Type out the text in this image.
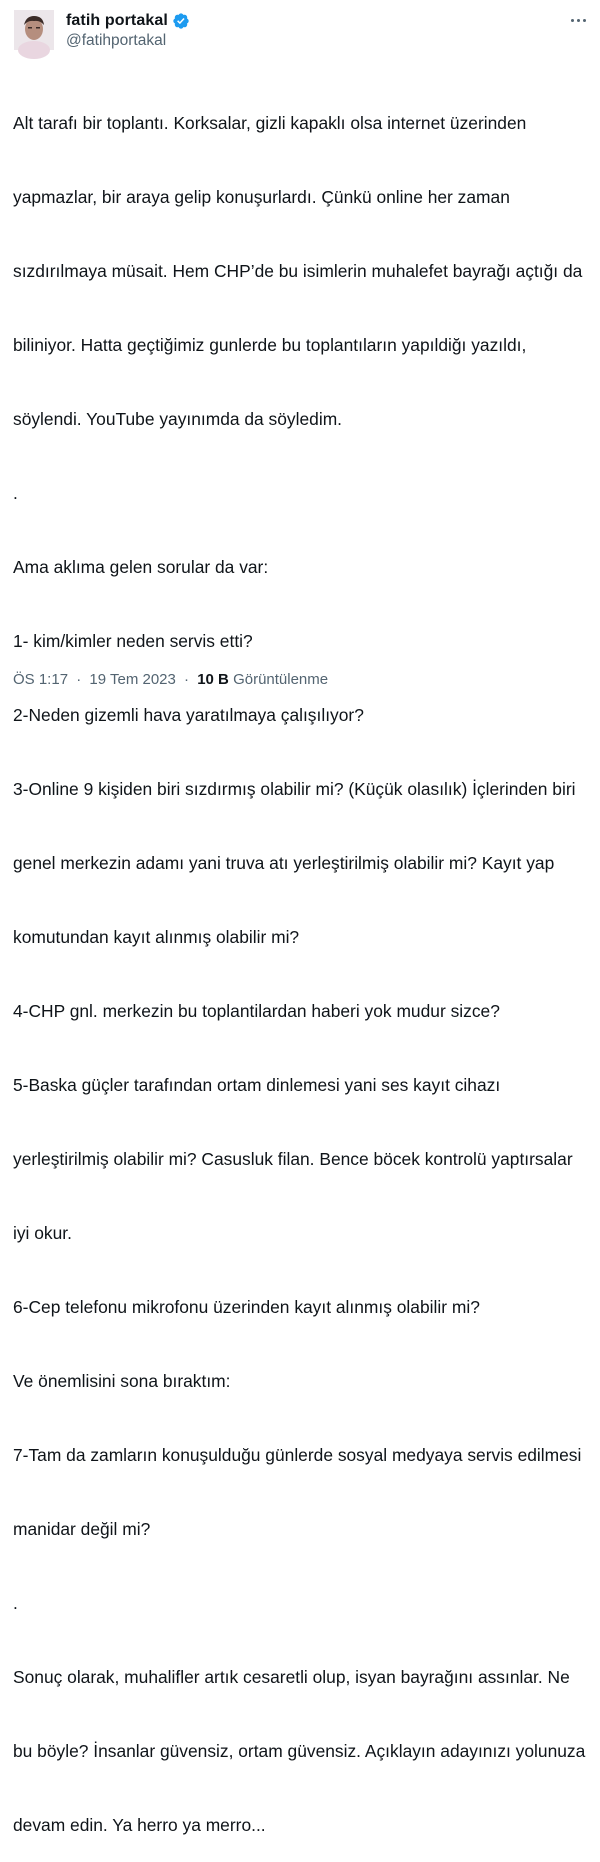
fatih portakal
@fatihportakal

Alt tarafı bir toplantı. Korksalar, gizli kapaklı olsa internet üzerinden

yapmazlar, bir araya gelip konuşurlardı. Çünkü online her zaman

sızdırılmaya müsait. Hem CHP’de bu isimlerin muhalefet bayrağı açtığı da

biliniyor. Hatta geçtiğimiz gunlerde bu toplantıların yapıldiğı yazıldı,

söylendi. YouTube yayınımda da söyledim.

.

Ama aklıma gelen sorular da var:

1- kim/kimler neden servis etti?

2-Neden gizemli hava yaratılmaya çalışılıyor?

3-Online 9 kişiden biri sızdırmış olabilir mi? (Küçük olasılık) İçlerinden biri

genel merkezin adamı yani truva atı yerleştirilmiş olabilir mi? Kayıt yap

komutundan kayıt alınmış olabilir mi?

4-CHP gnl. merkezin bu toplantilardan haberi yok mudur sizce?

5-Baska güçler tarafından ortam dinlemesi yani ses kayıt cihazı

yerleştirilmiş olabilir mi? Casusluk filan. Bence böcek kontrolü yaptırsalar

iyi okur.

6-Cep telefonu mikrofonu üzerinden kayıt alınmış olabilir mi?

Ve önemlisini sona bıraktım:

7-Tam da zamların konuşulduğu günlerde sosyal medyaya servis edilmesi

manidar değil mi?

.

Sonuç olarak, muhalifler artık cesaretli olup, isyan bayrağını assınlar. Ne

bu böyle? İnsanlar güvensiz, ortam güvensiz. Açıklayın adayınızı yolunuza

devam edin. Ya herro ya merro...

ÖS 1:17 · 19 Tem 2023 · 10 B Görüntülenme
